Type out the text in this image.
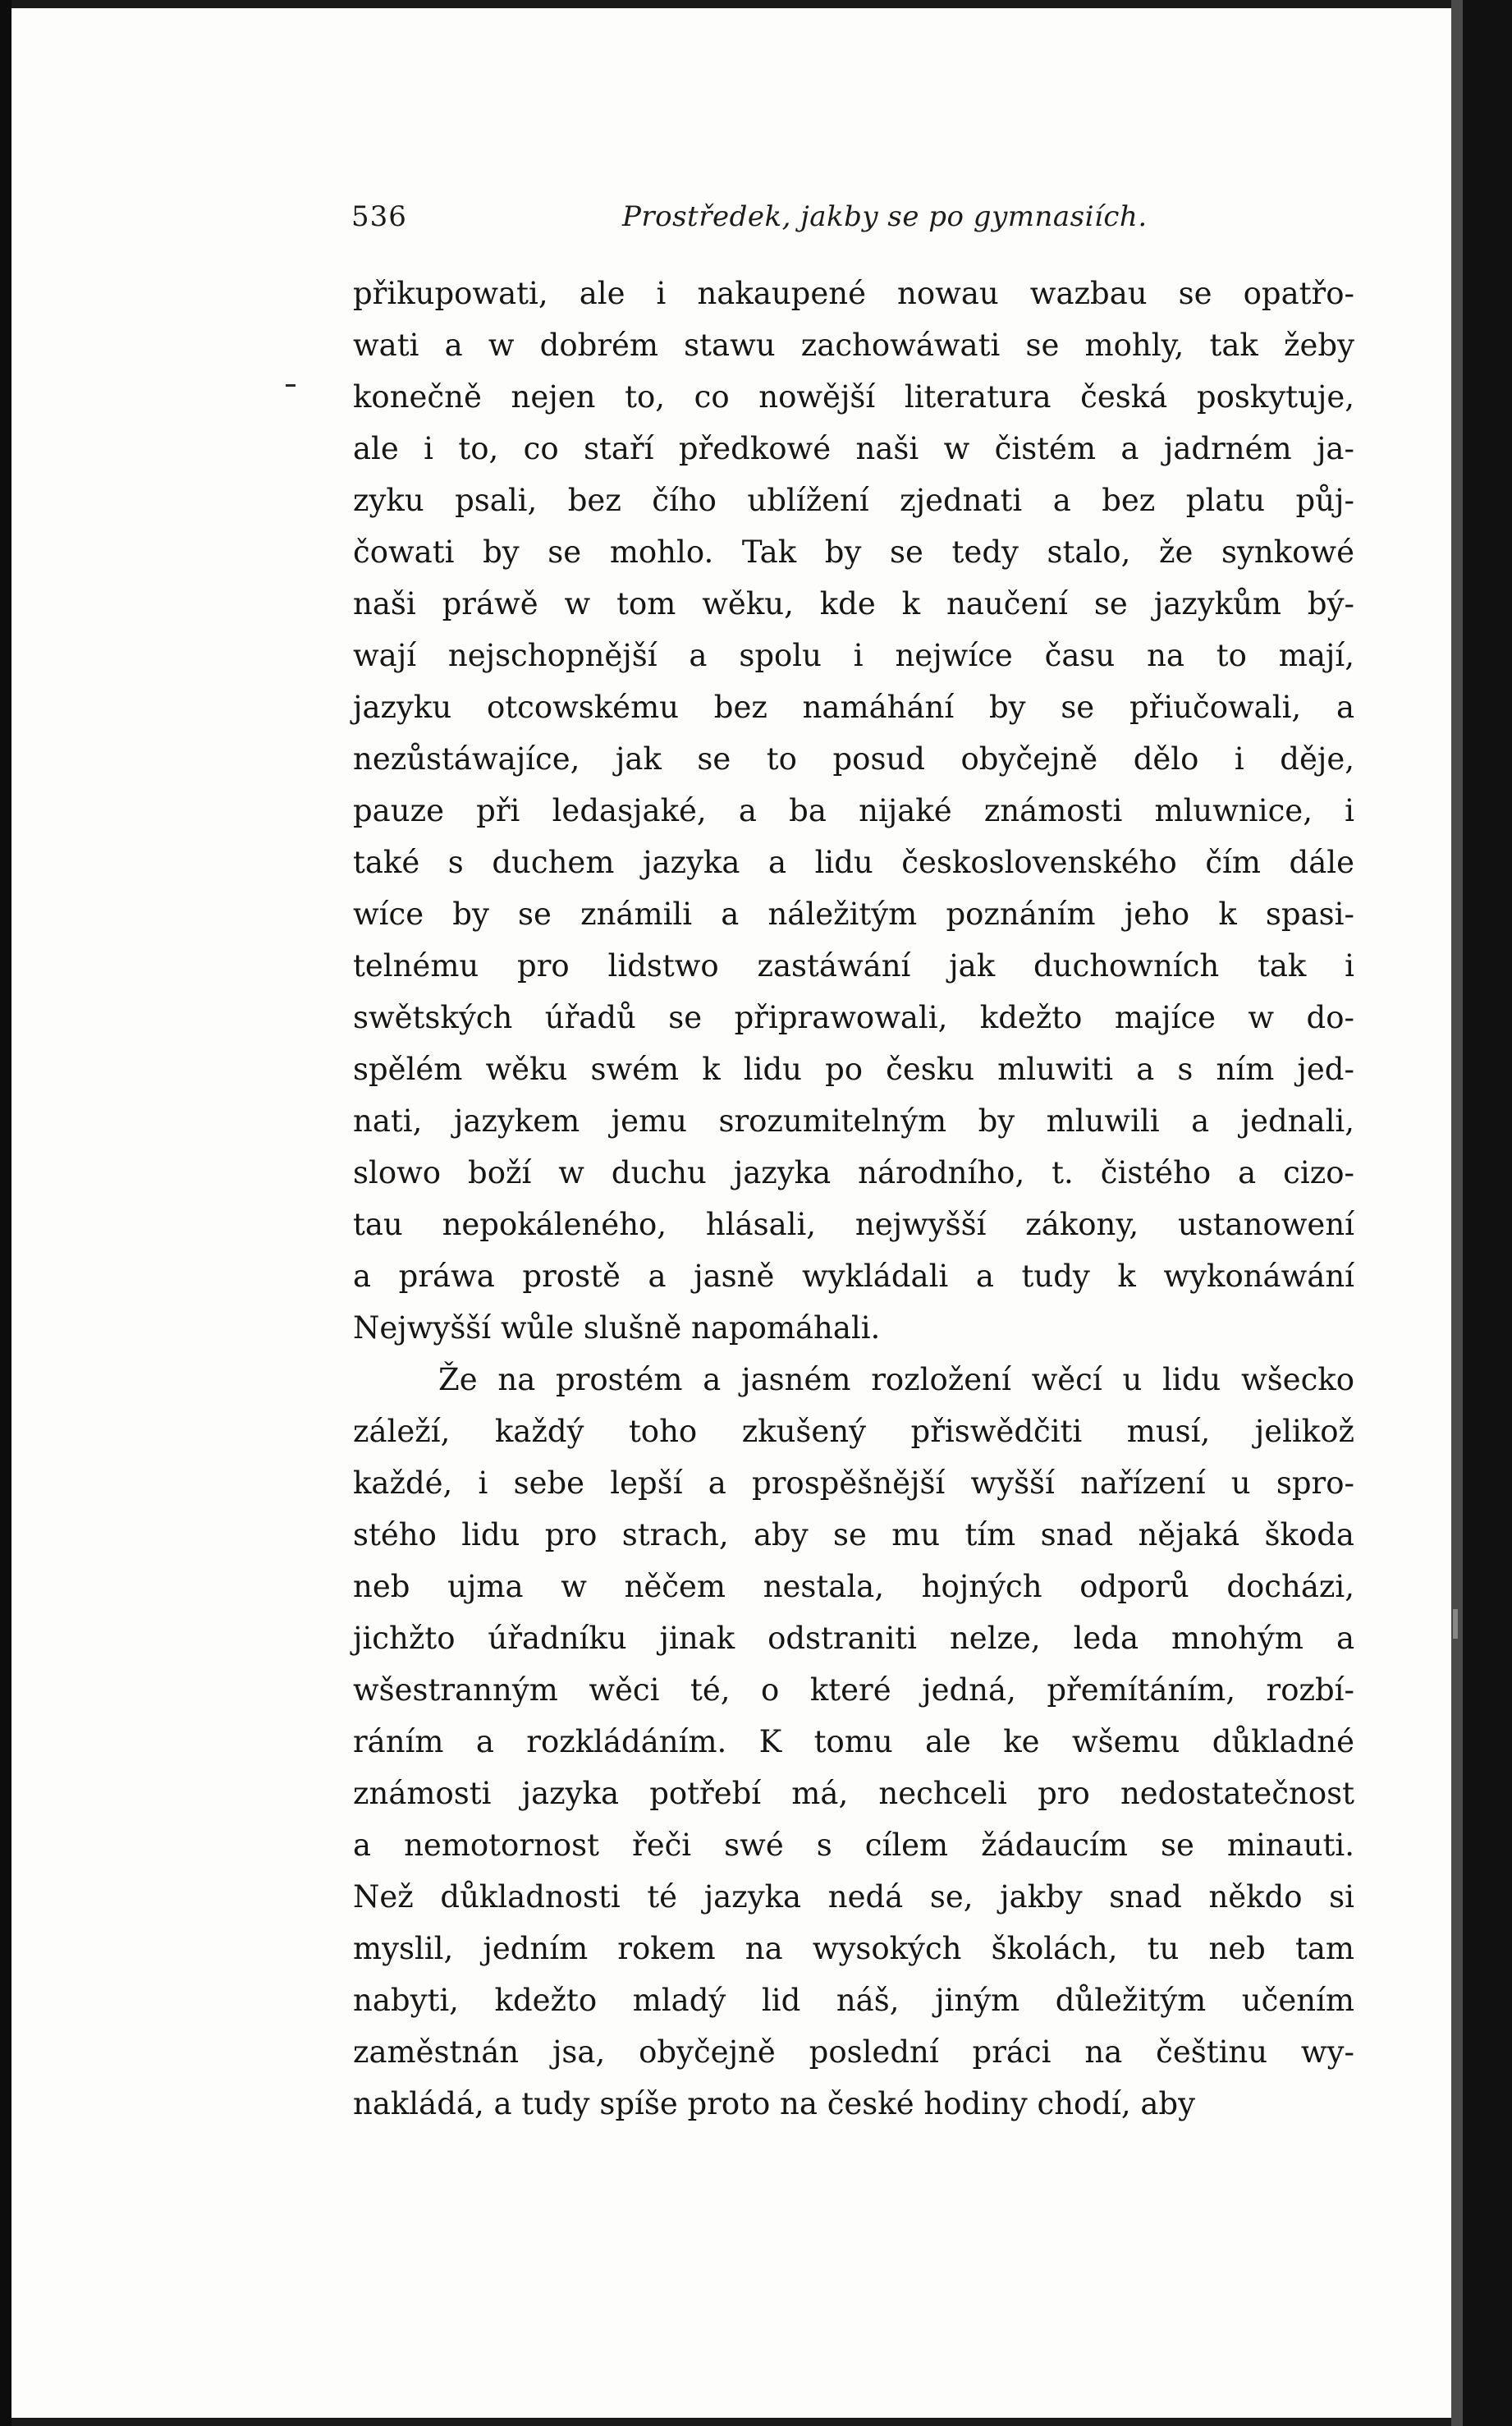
536	Prostředek, jakby se po gymnasiích.
přikupowati, ale i nakaupené nowau wazbau se opatřo-
wati a w dobrém stawu zachowáwati se mohly, tak žeby
konečně nejen to, co nowější literatura česká poskytuje,
ale i to, co staří předkowé naši w čistém a jadrném ja-
zyku psali, bez čího ublížení zjednati a bez platu půj-
čowati by se mohlo. Tak by se tedy stalo, že synkowé
naši práwě w tom wěku, kde k naučení se jazykům bý-
wají nejschopnější a spolu i nejwíce času na to mají,
jazyku otcowskému bez namáhání by se přiučowali, a
nezůstáwajíce, jak se to posud obyčejně dělo i děje,
pauze při ledasjaké, a ba nijaké známosti mluwnice, i
také s duchem jazyka a lidu československého čím dále
wíce by se známili a náležitým poznáním jeho k spasi-
telnému pro lidstwo zastáwání jak duchowních tak i
swětských úřadů se připrawowali, kdežto majíce w do-
spělém wěku swém k lidu po česku mluwiti a s ním jed-
nati, jazykem jemu srozumitelným by mluwili a jednali,
slowo boží w duchu jazyka národního, t. čistého a cizo-
tau nepokáleného, hlásali, nejwyšší zákony, ustanowení
a práwa prostě a jasně wykládali a tudy k wykonáwání
Nejwyšší wůle slušně napomáhali.
Že na prostém a jasném rozložení wěcí u lidu wšecko
záleží, každý toho zkušený přiswědčiti musí, jelikož
každé, i sebe lepší a prospěšnější wyšší nařízení u spro-
stého lidu pro strach, aby se mu tím snad nějaká škoda
neb ujma w něčem nestala, hojných odporů docházi,
jichžto úřadníku jinak odstraniti nelze, leda mnohým a
wšestranným wěci té, o které jedná, přemítáním, rozbí-
ráním a rozkládáním. K tomu ale ke wšemu důkladné
známosti jazyka potřebí má, nechceli pro nedostatečnost
a nemotornost řeči swé s cílem žádaucím se minauti.
Než důkladnosti té jazyka nedá se, jakby snad někdo si
myslil, jedním rokem na wysokých školách, tu neb tam
nabyti, kdežto mladý lid náš, jiným důležitým učením
zaměstnán jsa, obyčejně poslední práci na češtinu wy-
nakládá, a tudy spíše proto na české hodiny chodí, aby
